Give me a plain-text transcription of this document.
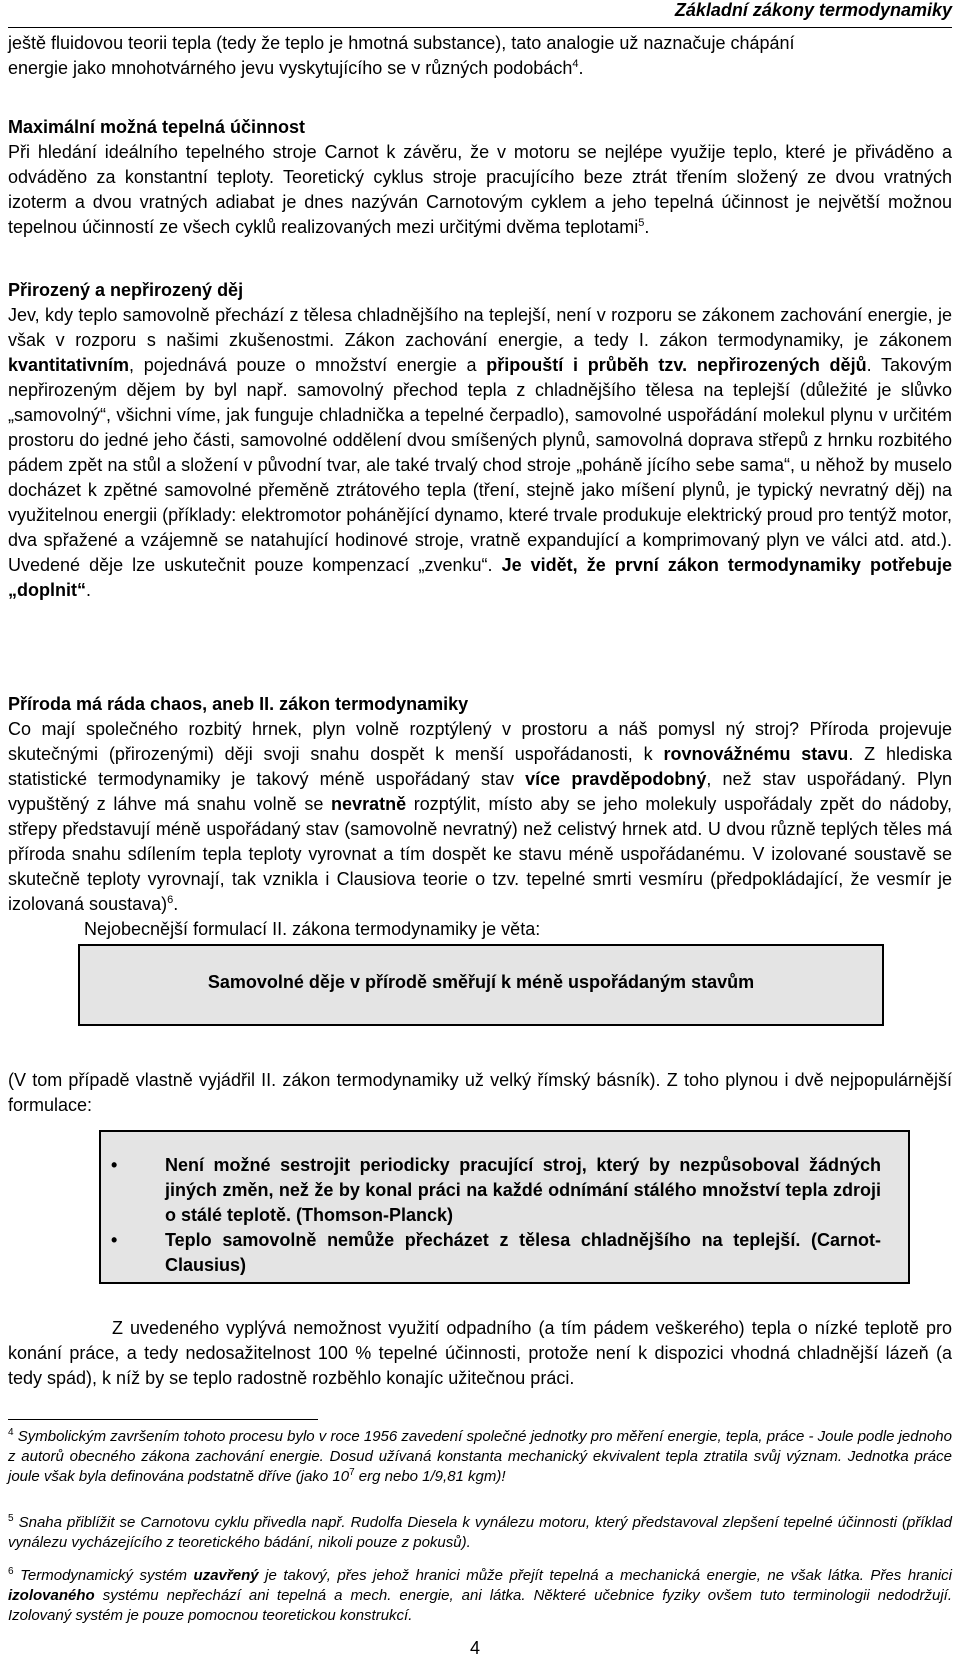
Základní zákony termodynamiky
ještě fluidovou teorii tepla (tedy že teplo je hmotná substance), tato analogie už naznačuje chápání
energie jako mnohotvárného jevu vyskytujícího se v různých podobách$^4$.
Maximální možná tepelná účinnost
Při hledání ideálního tepelného stroje Carnot k závěru, že v motoru se nejlépe využije teplo, které je přiváděno a odváděno za konstantní teploty. Teoretický cyklus stroje pracujícího beze ztrát třením složený ze dvou vratných izoterm a dvou vratných adiabat je dnes nazýván Carnotovým cyklem a jeho tepelná účinnost je největší možnou tepelnou účinností ze všech cyklů realizovaných mezi určitými dvěma teplotami$^5$.
Přirozený a nepřirozený děj
Jev, kdy teplo samovolně přechází z tělesa chladnějšího na teplejší, není v rozporu se zákonem zachování energie, je však v rozporu s našimi zkušenostmi. Zákon zachování energie, a tedy I. zákon termodynamiky, je zákonem kvantitativním, pojednává pouze o množství energie a připouští i průběh tzv. nepřirozených dějů. Takovým nepřirozeným dějem by byl např. samovolný přechod tepla z chladnějšího tělesa na teplejší (důležité je slůvko „samovolný“, všichni víme, jak funguje chladnička a tepelné čerpadlo), samovolné uspořádání molekul plynu v určitém prostoru do jedné jeho části, samovolné oddělení dvou smíšených plynů, samovolná doprava střepů z hrnku rozbitého pádem zpět na stůl a složení v původní tvar, ale také trvalý chod stroje „poháně jícího sebe sama“, u něhož by muselo docházet k zpětné samovolné přeměně ztrátového tepla (tření, stejně jako míšení plynů, je typický nevratný děj) na využitelnou energii (příklady: elektromotor pohánějící dynamo, které trvale produkuje elektrický proud pro tentýž motor, dva spřažené a vzájemně se natahující hodinové stroje, vratně expandující a komprimovaný plyn ve válci atd. atd.). Uvedené děje lze uskutečnit pouze kompenzací „zvenku“. Je vidět, že první zákon termodynamiky potřebuje „doplnit“.
Příroda má ráda chaos, aneb II. zákon termodynamiky
Co mají společného rozbitý hrnek, plyn volně rozptýlený v prostoru a náš pomysl ný stroj? Příroda projevuje skutečnými (přirozenými) ději svoji snahu dospět k menší uspořádanosti, k rovnovážnému stavu. Z hlediska statistické termodynamiky je takový méně uspořádaný stav více pravděpodobný, než stav uspořádaný. Plyn vypuštěný z láhve má snahu volně se nevratně rozptýlit, místo aby se jeho molekuly uspořádaly zpět do nádoby, střepy představují méně uspořádaný stav (samovolně nevratný) než celistvý hrnek atd. U dvou různě teplých těles má příroda snahu sdílením tepla teploty vyrovnat a tím dospět ke stavu méně uspořádanému. V izolované soustavě se skutečně teploty vyrovnají, tak vznikla i Clausiova teorie o tzv. tepelné smrti vesmíru (předpokládající, že vesmír je izolovaná soustava)$^6$.
Nejobecnější formulací II. zákona termodynamiky je věta:
Samovolné děje v přírodě směřují k méně uspořádaným stavům
(V tom případě vlastně vyjádřil II. zákon termodynamiky už velký římský básník). Z toho plynou i dvě nejpopulárnější formulace:
•	Není možné sestrojit periodicky pracující stroj, který by nezpůsoboval žádných jiných změn, než že by konal práci na každé odnímání stálého množství tepla zdroji o stálé teplotě. (Thomson-Planck)
•	Teplo samovolně nemůže přecházet z tělesa chladnějšího na teplejší. (Carnot-Clausius)
Z uvedeného vyplývá nemožnost využití odpadního (a tím pádem veškerého) tepla o nízké teplotě pro konání práce, a tedy nedosažitelnost 100 % tepelné účinnosti, protože není k dispozici vhodná chladnější lázeň (a tedy spád), k níž by se teplo radostně rozběhlo konajíc užitečnou práci.
$^4$ Symbolickým završením tohoto procesu bylo v roce 1956 zavedení společné jednotky pro měření energie, tepla, práce - Joule podle jednoho z autorů obecného zákona zachování energie. Dosud užívaná konstanta mechanický ekvivalent tepla ztratila svůj význam. Jednotka práce joule však byla definována podstatně dříve (jako $10^7$ erg nebo 1/9,81 kgm)!
$^5$ Snaha přiblížit se Carnotovu cyklu přivedla např. Rudolfa Diesela k vynálezu motoru, který představoval zlepšení tepelné účinnosti (příklad vynálezu vycházejícího z teoretického bádání, nikoli pouze z pokusů).
$^6$ Termodynamický systém uzavřený je takový, přes jehož hranici může přejít tepelná a mechanická energie, ne však látka. Přes hranici izolovaného systému nepřechází ani tepelná a mech. energie, ani látka. Některé učebnice fyziky ovšem tuto terminologii nedodržují. Izolovaný systém je pouze pomocnou teoretickou konstrukcí.
4
